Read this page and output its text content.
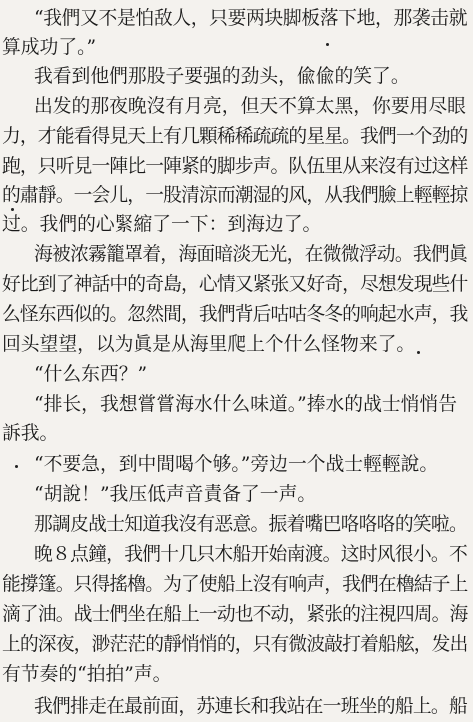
“我們又不是怕敌人，只要两块脚板落下地，那袭击就
算成功了。”
我看到他們那股子要强的劲头，偸偸的笑了。
出发的那夜晚沒有月亮，但天不算太黑，你要用尽眼
力，才能看得見天上有几顆稀稀疏疏的星星。我們一个劲的
跑，只听見一陣比一陣紧的脚步声。队伍里从来沒有过这样
的肅靜。一会儿，一股清涼而潮湿的风，从我們臉上輕輕掠
过。我們的心緊縮了一下：到海边了。
海被浓霧籠罩着，海面暗淡无光，在微微浮动。我們眞
好比到了神話中的奇島，心情又紧张又好奇，尽想发現些什
么怪东西似的。忽然間，我們背后咕咕冬冬的响起水声，我
回头望望，以为眞是从海里爬上个什么怪物来了。
“什么东西？”
“排长，我想嘗嘗海水什么味道。”捧水的战士悄悄告
訴我。
“不要急，到中間喝个够。”旁边一个战士輕輕說。
“胡說！”我压低声音責备了一声。
那調皮战士知道我沒有恶意。振着嘴巴咯咯咯的笑啦。
晚８点鐘，我們十几只木船开始南渡。这时风很小。不
能撐篷。只得搖櫓。为了使船上沒有响声，我們在櫓結子上
滴了油。战士們坐在船上一动也不动，紧张的注視四周。海
上的深夜，渺茫茫的靜悄悄的，只有微波敲打着船舷，发出
有节奏的“拍拍”声。
我們排走在最前面，苏連长和我站在一班坐的船上。船
